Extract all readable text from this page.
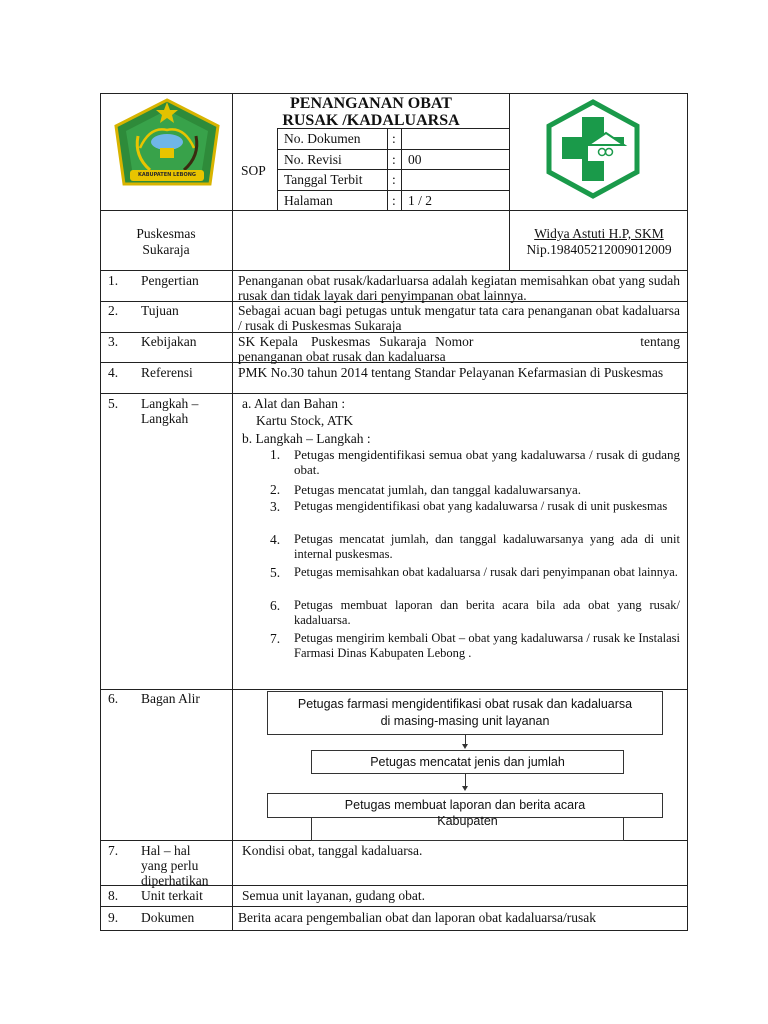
KABUPATEN LEBONG
PENANGANAN OBAT
RUSAK /KADALUARSA
SOP
No. Dokumen :
No. Revisi	: 00
Tanggal Terbit :
Halaman	: 1 / 2
Puskesmas
Sukaraja
Widya Astuti H.P, SKM
Nip.198405212009012009
1. Pengertian	Penanganan obat rusak/kadarluarsa adalah kegiatan memisahkan obat yang sudah rusak dan tidak layak dari penyimpanan obat lainnya.
2. Tujuan	Sebagai acuan bagi petugas untuk mengatur tata cara penanganan obat kadaluarsa / rusak di Puskesmas Sukaraja
3. Kebijakan	SK Kepala   Puskesmas  Sukaraja  Nomor                                      tentang penanganan obat rusak dan kadaluarsa
4. Referensi	PMK No.30 tahun 2014 tentang Standar Pelayanan Kefarmasian di Puskesmas
5. Langkah –
Langkah
a. Alat dan Bahan :
Kartu Stock, ATK
b. Langkah – Langkah :
1. Petugas mengidentifikasi semua obat yang kadaluwarsa / rusak di gudang obat.
2. Petugas mencatat jumlah, dan tanggal kadaluwarsanya.
3. Petugas mengidentifikasi obat yang kadaluwarsa / rusak di unit puskesmas
4. Petugas mencatat jumlah, dan tanggal kadaluwarsanya yang ada di unit internal puskesmas.
5. Petugas memisahkan obat kadaluarsa / rusak dari penyimpanan obat lainnya.
6. Petugas membuat laporan dan berita acara bila ada obat yang rusak/ kadaluarsa.
7. Petugas mengirim kembali Obat – obat yang kadaluwarsa / rusak ke Instalasi Farmasi Dinas Kabupaten Lebong .
6. Bagan Alir	Petugas farmasi mengidentifikasi obat rusak dan kadaluarsa
di masing-masing unit layanan
Petugas mencatat jenis dan jumlah
Petugas membuat laporan dan berita acara
Kabupaten
7. Hal – hal
yang perlu
diperhatikan
Kondisi obat, tanggal kadaluarsa.
8. Unit terkait	Semua unit layanan, gudang obat.
9. Dokumen	Berita acara pengembalian obat dan laporan obat kadaluarsa/rusak
